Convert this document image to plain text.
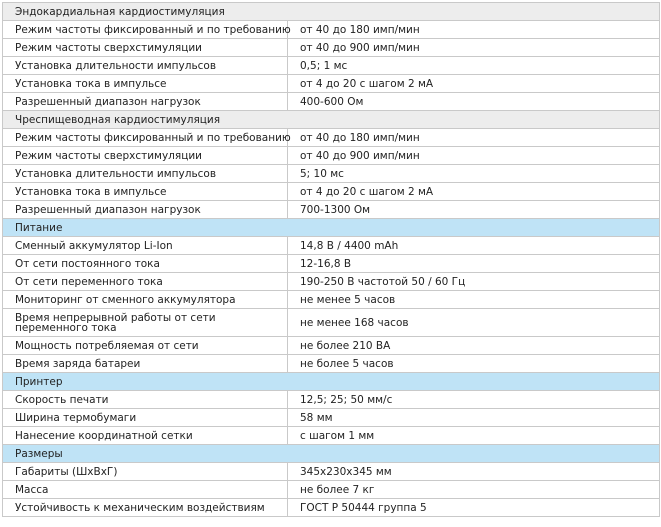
Эндокардиальная кардиостимуляция	
Режим частоты фиксированный и по требованию	от 40 до 180 имп/мин
Режим частоты сверхстимуляции	от 40 до 900 имп/мин
Установка длительности импульсов	0,5; 1 мс
Установка тока в импульсе	от 4 до 20 с шагом 2 мА
Разрешенный диапазон нагрузок	400-600 Ом
Чреспищеводная кардиостимуляция	
Режим частоты фиксированный и по требованию	от 40 до 180 имп/мин
Режим частоты сверхстимуляции	от 40 до 900 имп/мин
Установка длительности импульсов	5; 10 мс
Установка тока в импульсе	от 4 до 20 с шагом 2 мА
Разрешенный диапазон нагрузок	700-1300 Ом
Питание	
Сменный аккумулятор Li-Ion	14,8 В / 4400 mAh
От сети постоянного тока	12-16,8 В
От сети переменного тока	190-250 В частотой 50 / 60 Гц
Мониторинг от сменного аккумулятора	не менее 5 часов
Время непрерывной работы от сети переменного тока	не менее 168 часов
Мощность потребляемая от сети	не более 210 ВА
Время заряда батареи	не более 5 часов
Принтер	
Скорость печати	12,5; 25; 50 мм/с
Ширина термобумаги	58 мм
Нанесение координатной сетки	с шагом 1 мм
Размеры	
Габариты (ШхВхГ)	345х230х345 мм
Масса	не более 7 кг
Устойчивость к механическим воздействиям	ГОСТ Р 50444 группа 5
